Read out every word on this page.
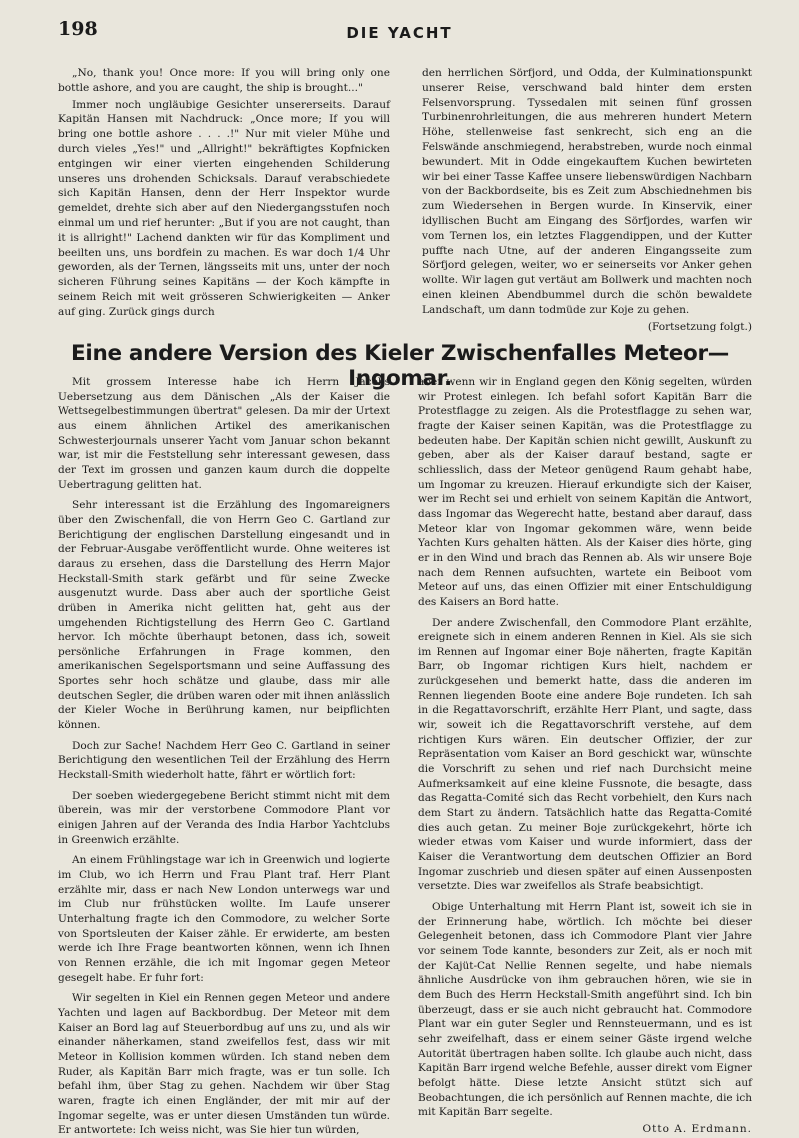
198	DIE YACHT

„No, thank you! Once more: If you will bring only one bottle ashore, and you are caught, the ship is brought..."

Immer noch ungläubige Gesichter unsererseits. Darauf Kapitän Hansen mit Nachdruck: „Once more; If you will bring one bottle ashore . . . .!" Nur mit vieler Mühe und durch vieles „Yes!" und „Allright!" bekräftigtes Kopfnicken entgingen wir einer vierten eingehenden Schilderung unseres uns drohenden Schicksals. Darauf verabschiedete sich Kapitän Hansen, denn der Herr Inspektor wurde gemeldet, drehte sich aber auf den Niedergangsstufen noch einmal um und rief herunter: „But if you are not caught, than it is allright!" Lachend dankten wir für das Kompliment und beeilten uns, uns bordfein zu machen. Es war doch 1/4 Uhr geworden, als der Ternen, längsseits mit uns, unter der noch sicheren Führung seines Kapitäns — der Koch kämpfte in seinem Reich mit weit grösseren Schwierigkeiten — Anker auf ging. Zurück gings durch

den herrlichen Sörfjord, und Odda, der Kulminationspunkt unserer Reise, verschwand bald hinter dem ersten Felsenvorsprung. Tyssedalen mit seinen fünf grossen Turbinenrohrleitungen, die aus mehreren hundert Metern Höhe, stellenweise fast senkrecht, sich eng an die Felswände anschmiegend, herabstreben, wurde noch einmal bewundert. Mit in Odde eingekauftem Kuchen bewirteten wir bei einer Tasse Kaffee unsere liebenswürdigen Nachbarn von der Backbordseite, bis es Zeit zum Abschiednehmen bis zum Wiedersehen in Bergen wurde. In Kinservik, einer idyllischen Bucht am Eingang des Sörfjordes, warfen wir vom Ternen los, ein letztes Flaggendippen, und der Kutter puffte nach Utne, auf der anderen Eingangsseite zum Sörfjord gelegen, weiter, wo er seinerseits vor Anker gehen wollte. Wir lagen gut vertäut am Bollwerk und machten noch einen kleinen Abendbummel durch die schön bewaldete Landschaft, um dann todmüde zur Koje zu gehen.

(Fortsetzung folgt.)

Eine andere Version des Kieler Zwischenfalles Meteor—Ingomar.

Mit grossem Interesse habe ich Herrn Jacobs Uebersetzung aus dem Dänischen „Als der Kaiser die Wettsegelbestimmungen übertrat" gelesen. Da mir der Urtext aus einem ähnlichen Artikel des amerikanischen Schwesterjournals unserer Yacht vom Januar schon bekannt war, ist mir die Feststellung sehr interessant gewesen, dass der Text im grossen und ganzen kaum durch die doppelte Uebertragung gelitten hat.

Sehr interessant ist die Erzählung des Ingomareigners über den Zwischenfall, die von Herrn Geo C. Gartland zur Berichtigung der englischen Darstellung eingesandt und in der Februar-Ausgabe veröffentlicht wurde. Ohne weiteres ist daraus zu ersehen, dass die Darstellung des Herrn Major Heckstall-Smith stark gefärbt und für seine Zwecke ausgenutzt wurde. Dass aber auch der sportliche Geist drüben in Amerika nicht gelitten hat, geht aus der umgehenden Richtigstellung des Herrn Geo C. Gartland hervor. Ich möchte überhaupt betonen, dass ich, soweit persönliche Erfahrungen in Frage kommen, den amerikanischen Segelsportsmann und seine Auffassung des Sportes sehr hoch schätze und glaube, dass mir alle deutschen Segler, die drüben waren oder mit ihnen anlässlich der Kieler Woche in Berührung kamen, nur beipflichten können.

Doch zur Sache! Nachdem Herr Geo C. Gartland in seiner Berichtigung den wesentlichen Teil der Erzählung des Herrn Heckstall-Smith wiederholt hatte, fährt er wörtlich fort:

Der soeben wiedergegebene Bericht stimmt nicht mit dem überein, was mir der verstorbene Commodore Plant vor einigen Jahren auf der Veranda des India Harbor Yachtclubs in Greenwich erzählte.

An einem Frühlingstage war ich in Greenwich und logierte im Club, wo ich Herrn und Frau Plant traf. Herr Plant erzählte mir, dass er nach New London unterwegs war und im Club nur frühstücken wollte. Im Laufe unserer Unterhaltung fragte ich den Commodore, zu welcher Sorte von Sportsleuten der Kaiser zähle. Er erwiderte, am besten werde ich Ihre Frage beantworten können, wenn ich Ihnen von Rennen erzähle, die ich mit Ingomar gegen Meteor gesegelt habe. Er fuhr fort:

Wir segelten in Kiel ein Rennen gegen Meteor und andere Yachten und lagen auf Backbordbug. Der Meteor mit dem Kaiser an Bord lag auf Steuerbordbug auf uns zu, und als wir einander näherkamen, stand zweifellos fest, dass wir mit Meteor in Kollision kommen würden. Ich stand neben dem Ruder, als Kapitän Barr mich fragte, was er tun solle. Ich befahl ihm, über Stag zu gehen. Nachdem wir über Stag waren, fragte ich einen Engländer, der mit mir auf der Ingomar segelte, was er unter diesen Umständen tun würde. Er antwortete: Ich weiss nicht, was Sie hier tun würden,

aber wenn wir in England gegen den König segelten, würden wir Protest einlegen. Ich befahl sofort Kapitän Barr die Protestflagge zu zeigen. Als die Protestflagge zu sehen war, fragte der Kaiser seinen Kapitän, was die Protestflagge zu bedeuten habe. Der Kapitän schien nicht gewillt, Auskunft zu geben, aber als der Kaiser darauf bestand, sagte er schliesslich, dass der Meteor genügend Raum gehabt habe, um Ingomar zu kreuzen. Hierauf erkundigte sich der Kaiser, wer im Recht sei und erhielt von seinem Kapitän die Antwort, dass Ingomar das Wegerecht hatte, bestand aber darauf, dass Meteor klar von Ingomar gekommen wäre, wenn beide Yachten Kurs gehalten hätten. Als der Kaiser dies hörte, ging er in den Wind und brach das Rennen ab. Als wir unsere Boje nach dem Rennen aufsuchten, wartete ein Beiboot vom Meteor auf uns, das einen Offizier mit einer Entschuldigung des Kaisers an Bord hatte.

Der andere Zwischenfall, den Commodore Plant erzählte, ereignete sich in einem anderen Rennen in Kiel. Als sie sich im Rennen auf Ingomar einer Boje näherten, fragte Kapitän Barr, ob Ingomar richtigen Kurs hielt, nachdem er zurückgesehen und bemerkt hatte, dass die anderen im Rennen liegenden Boote eine andere Boje rundeten. Ich sah in die Regattavorschrift, erzählte Herr Plant, und sagte, dass wir, soweit ich die Regattavorschrift verstehe, auf dem richtigen Kurs wären. Ein deutscher Offizier, der zur Repräsentation vom Kaiser an Bord geschickt war, wünschte die Vorschrift zu sehen und rief nach Durchsicht meine Aufmerksamkeit auf eine kleine Fussnote, die besagte, dass das Regatta-Comité sich das Recht vorbehielt, den Kurs nach dem Start zu ändern. Tatsächlich hatte das Regatta-Comité dies auch getan. Zu meiner Boje zurückgekehrt, hörte ich wieder etwas vom Kaiser und wurde informiert, dass der Kaiser die Verantwortung dem deutschen Offizier an Bord Ingomar zuschrieb und diesen später auf einen Aussenposten versetzte. Dies war zweifellos als Strafe beabsichtigt.

Obige Unterhaltung mit Herrn Plant ist, soweit ich sie in der Erinnerung habe, wörtlich. Ich möchte bei dieser Gelegenheit betonen, dass ich Commodore Plant vier Jahre vor seinem Tode kannte, besonders zur Zeit, als er noch mit der Kajüt-Cat Nellie Rennen segelte, und habe niemals ähnliche Ausdrücke von ihm gebrauchen hören, wie sie in dem Buch des Herrn Heckstall-Smith angeführt sind. Ich bin überzeugt, dass er sie auch nicht gebraucht hat. Commodore Plant war ein guter Segler und Rennsteuermann, und es ist sehr zweifelhaft, dass er einem seiner Gäste irgend welche Autorität übertragen haben sollte. Ich glaube auch nicht, dass Kapitän Barr irgend welche Befehle, ausser direkt vom Eigner befolgt hätte. Diese letzte Ansicht stützt sich auf Beobachtungen, die ich persönlich auf Rennen machte, die ich mit Kapitän Barr segelte.

Otto A. Erdmann.
